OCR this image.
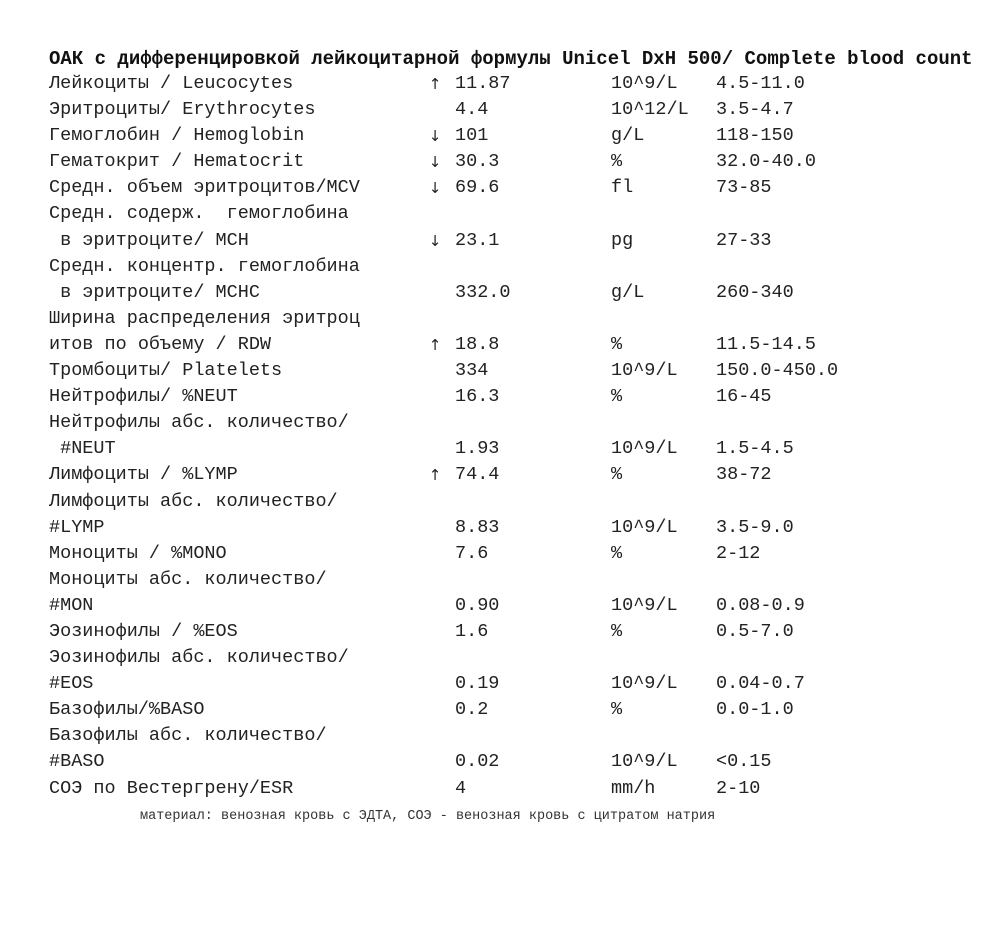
ОАК с дифференцировкой лейкоцитарной формулы Unicel DxH 500/ Complete blood count
Лейкоциты / Leucocytes	↑ 11.87	10^9/L 4.5-11.0
Эритроциты/ Erythrocytes	4.4	10^12/L 3.5-4.7
Гемоглобин / Hemoglobin	↓ 101	g/L	118-150
Гематокрит / Hematocrit	↓ 30.3	%	32.0-40.0
Средн. объем эритроцитов/MCV	↓ 69.6	fl	73-85
Средн. содерж.  гемоглобина
в эритроците/ MCH	↓ 23.1	pg	27-33
Средн. концентр. гемоглобина
в эритроците/ MCHC	332.0	g/L	260-340
Ширина распределения эритроц
итов по объему / RDW	↑ 18.8	%	11.5-14.5
Тромбоциты/ Platelets	334	10^9/L 150.0-450.0
Нейтрофилы/ %NEUT	16.3	%	16-45
Нейтрофилы абс. количество/
#NEUT	1.93	10^9/L 1.5-4.5
Лимфоциты / %LYMP	↑ 74.4	%	38-72
Лимфоциты абс. количество/
#LYMP	8.83	10^9/L 3.5-9.0
Моноциты / %MONO	7.6	%	2-12
Моноциты абс. количество/
#MON	0.90	10^9/L 0.08-0.9
Эозинофилы / %EOS	1.6	%	0.5-7.0
Эозинофилы абс. количество/
#EOS	0.19	10^9/L 0.04-0.7
Базофилы/%BASO	0.2	%	0.0-1.0
Базофилы абс. количество/
#BASO	0.02	10^9/L <0.15
СОЭ по Вестергрену/ESR	4	mm/h	2-10
материал: венозная кровь с ЭДТА, СОЭ - венозная кровь с цитратом натрия
